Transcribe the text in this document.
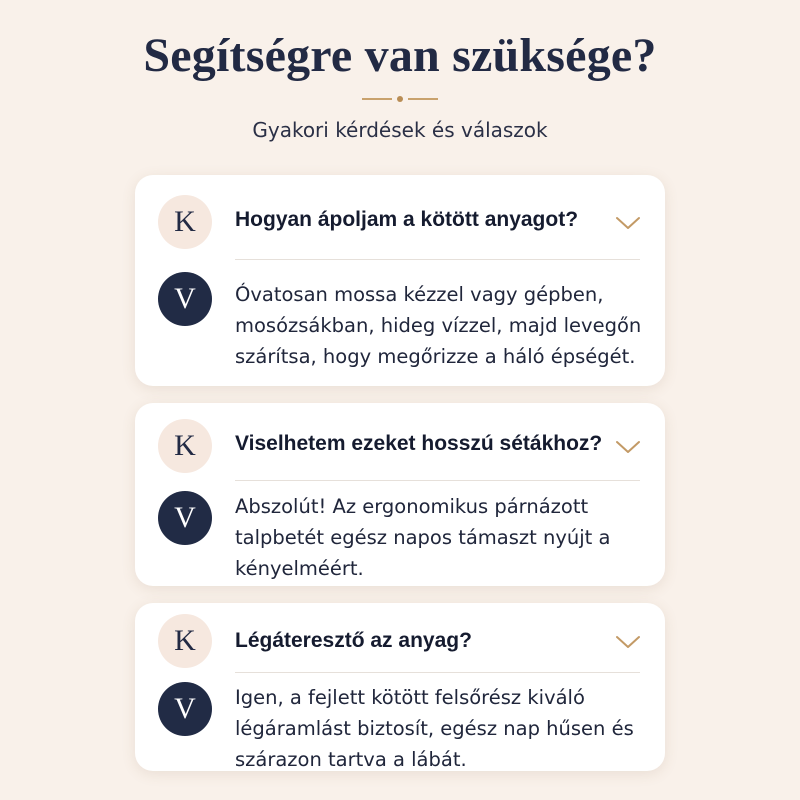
Segítségre van szüksége?
Gyakori kérdések és válaszok
K	Hogyan ápoljam a kötött anyagot?
V	Óvatosan mossa kézzel vagy gépben, mosózsákban, hideg vízzel, majd levegőn szárítsa, hogy megőrizze a háló épségét.
K	Viselhetem ezeket hosszú sétákhoz?
V	Abszolút! Az ergonomikus párnázott talpbetét egész napos támaszt nyújt a kényelméért.
K	Légáteresztő az anyag?
V	Igen, a fejlett kötött felsőrész kiváló légáramlást biztosít, egész nap hűsen és szárazon tartva a lábát.
